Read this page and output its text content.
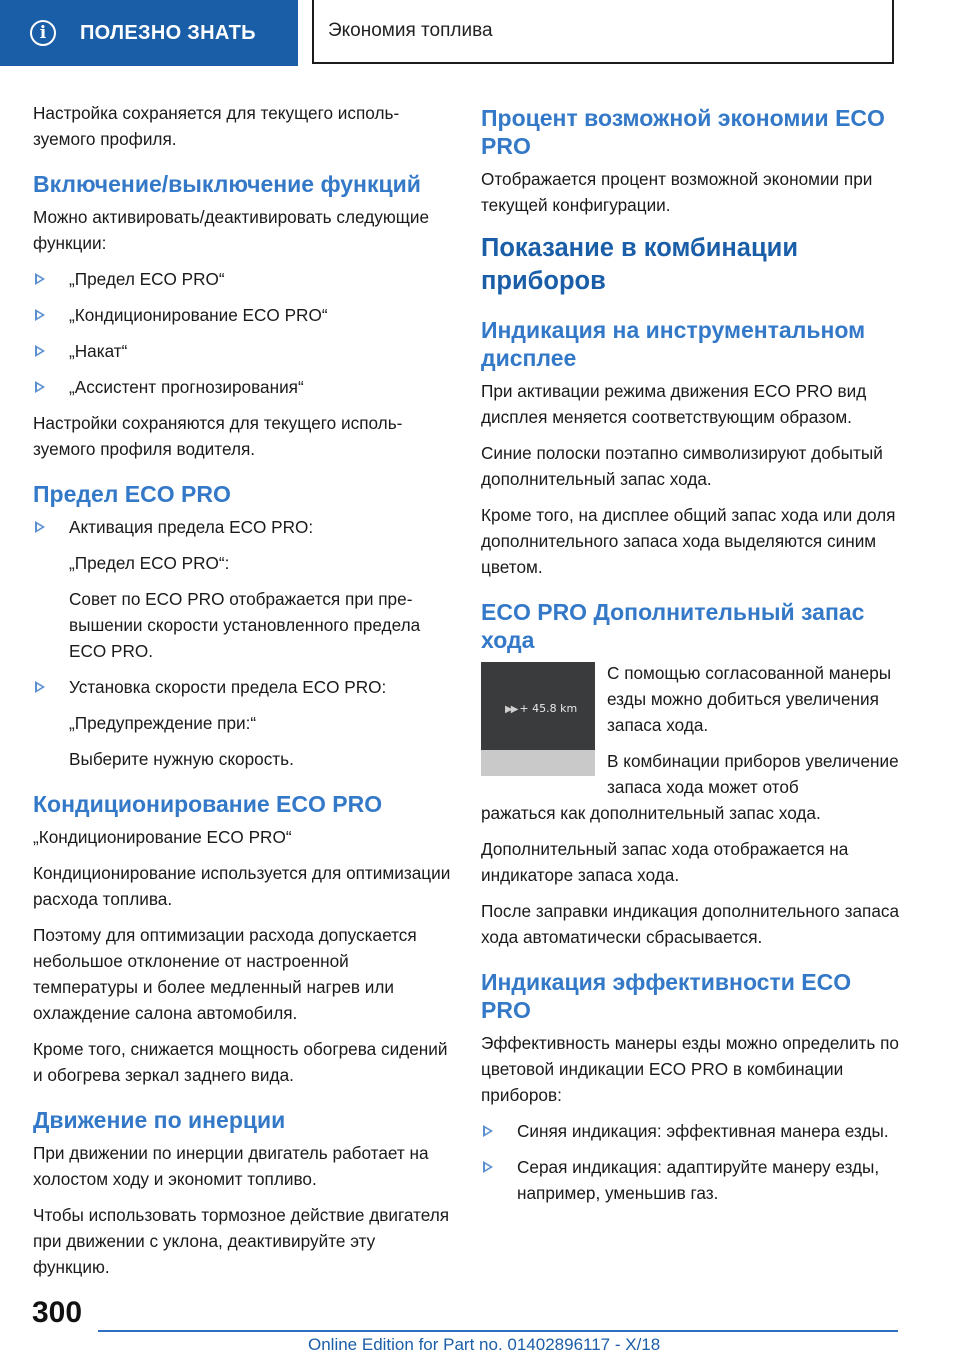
i ПОЛЕЗНО ЗНАТЬ	Экономия топлива

Настройка сохраняется для текущего используемого профиля.

Включение/выключение функций

Можно активировать/деактивировать следующие функции:

„Предел ECO PRO“

„Кондиционирование ECO PRO“

„Накат“

„Ассистент прогнозирования“

Настройки сохраняются для текущего используемого профиля водителя.

Предел ECO PRO

Активация предела ECO PRO:

„Предел ECO PRO“:

Совет по ECO PRO отображается при превышении скорости установленного предела ECO PRO.

Установка скорости предела ECO PRO:

„Предупреждение при:“

Выберите нужную скорость.

Кондиционирование ECO PRO

„Кондиционирование ECO PRO“

Кондиционирование используется для оптимизации расхода топлива.

Поэтому для оптимизации расхода допускается небольшое отклонение от настроенной температуры и более медленный нагрев или охлаждение салона автомобиля.

Кроме того, снижается мощность обогрева сидений и обогрева зеркал заднего вида.

Движение по инерции

При движении по инерции двигатель работает на холостом ходу и экономит топливо.

Чтобы использовать тормозное действие двигателя при движении с уклона, деактивируйте эту функцию.

Процент возможной экономии ECO PRO

Отображается процент возможной экономии при текущей конфигурации.

Показание в комбинации приборов
Индикация на инструментальном дисплее

При активации режима движения ECO PRO вид дисплея меняется соответствующим образом.

Синие полоски поэтапно символизируют добытый дополнительный запас хода.

Кроме того, на дисплее общий запас хода или доля дополнительного запаса хода выделяются синим цветом.

ECO PRO Дополнительный запас хода
▶▶ + 45.8 km

С помощью согласованной манеры езды можно добиться увеличения запаса хода.

В комбинации приборов увеличение запаса хода может отоб

ражаться как дополнительный запас хода.

Дополнительный запас хода отображается на индикаторе запаса хода.

После заправки индикация дополнительного запаса хода автоматически сбрасывается.

Индикация эффективности ECO PRO

Эффективность манеры езды можно определить по цветовой индикации ECO PRO в комбинации приборов:

Синяя индикация: эффективная манера езды.

Серая индикация: адаптируйте манеру езды, например, уменьшив газ.

300
Online Edition for Part no. 01402896117 - X/18
